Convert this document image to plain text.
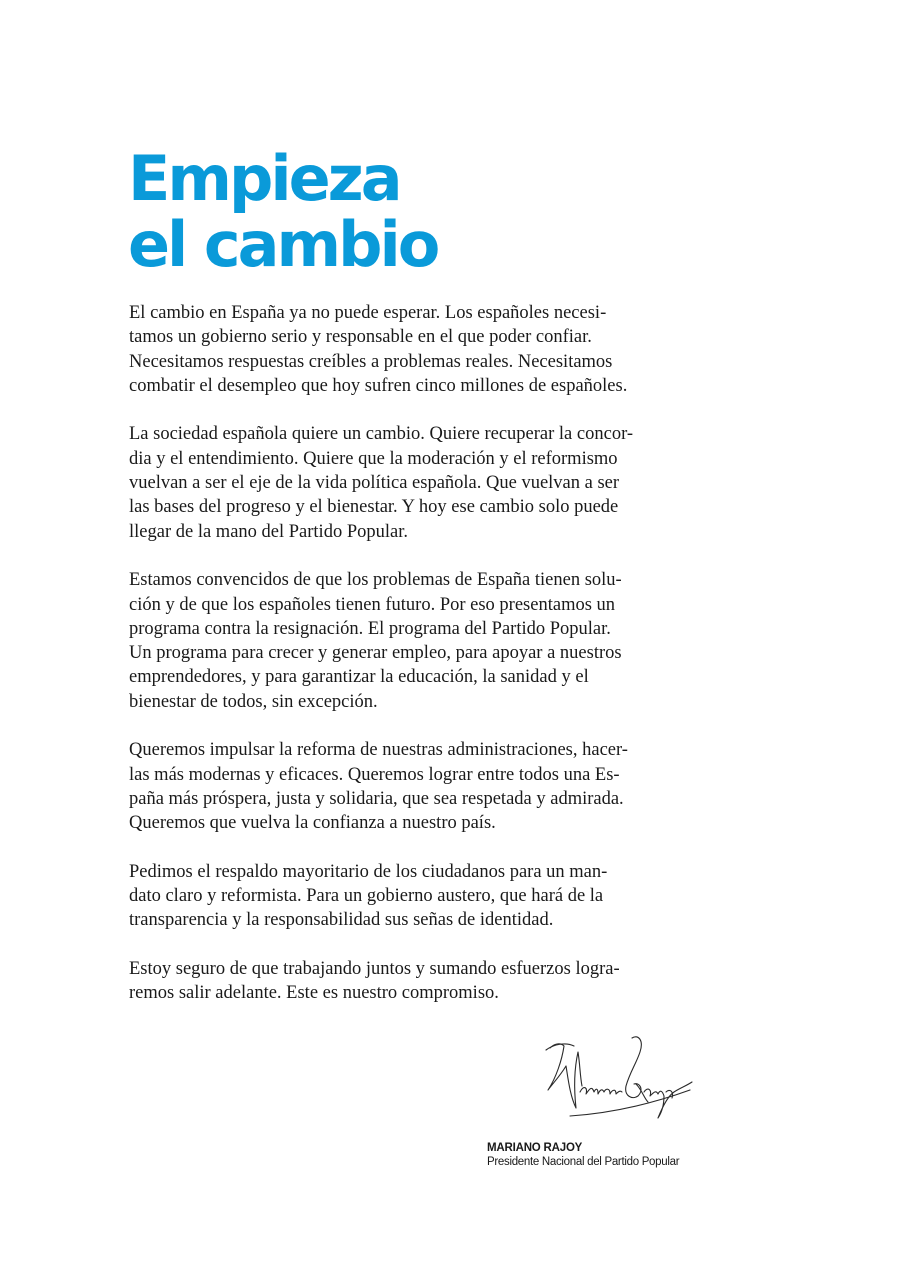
Empieza
el cambio

El cambio en España ya no puede esperar. Los españoles necesi-
tamos un gobierno serio y responsable en el que poder confiar.
Necesitamos respuestas creíbles a problemas reales. Necesitamos
combatir el desempleo que hoy sufren cinco millones de españoles.

La sociedad española quiere un cambio. Quiere recuperar la concor-
dia y el entendimiento. Quiere que la moderación y el reformismo
vuelvan a ser el eje de la vida política española. Que vuelvan a ser
las bases del progreso y el bienestar. Y hoy ese cambio solo puede
llegar de la mano del Partido Popular.

Estamos convencidos de que los problemas de España tienen solu-
ción y de que los españoles tienen futuro. Por eso presentamos un
programa contra la resignación. El programa del Partido Popular.
Un programa para crecer y generar empleo, para apoyar a nuestros
emprendedores, y para garantizar la educación, la sanidad y el
bienestar de todos, sin excepción.

Queremos impulsar la reforma de nuestras administraciones, hacer-
las más modernas y eficaces. Queremos lograr entre todos una Es-
paña más próspera, justa y solidaria, que sea respetada y admirada.
Queremos que vuelva la confianza a nuestro país.

Pedimos el respaldo mayoritario de los ciudadanos para un man-
dato claro y reformista. Para un gobierno austero, que hará de la
transparencia y la responsabilidad sus señas de identidad.

Estoy seguro de que trabajando juntos y sumando esfuerzos logra-
remos salir adelante. Este es nuestro compromiso.

MARIANO RAJOY
Presidente Nacional del Partido Popular
